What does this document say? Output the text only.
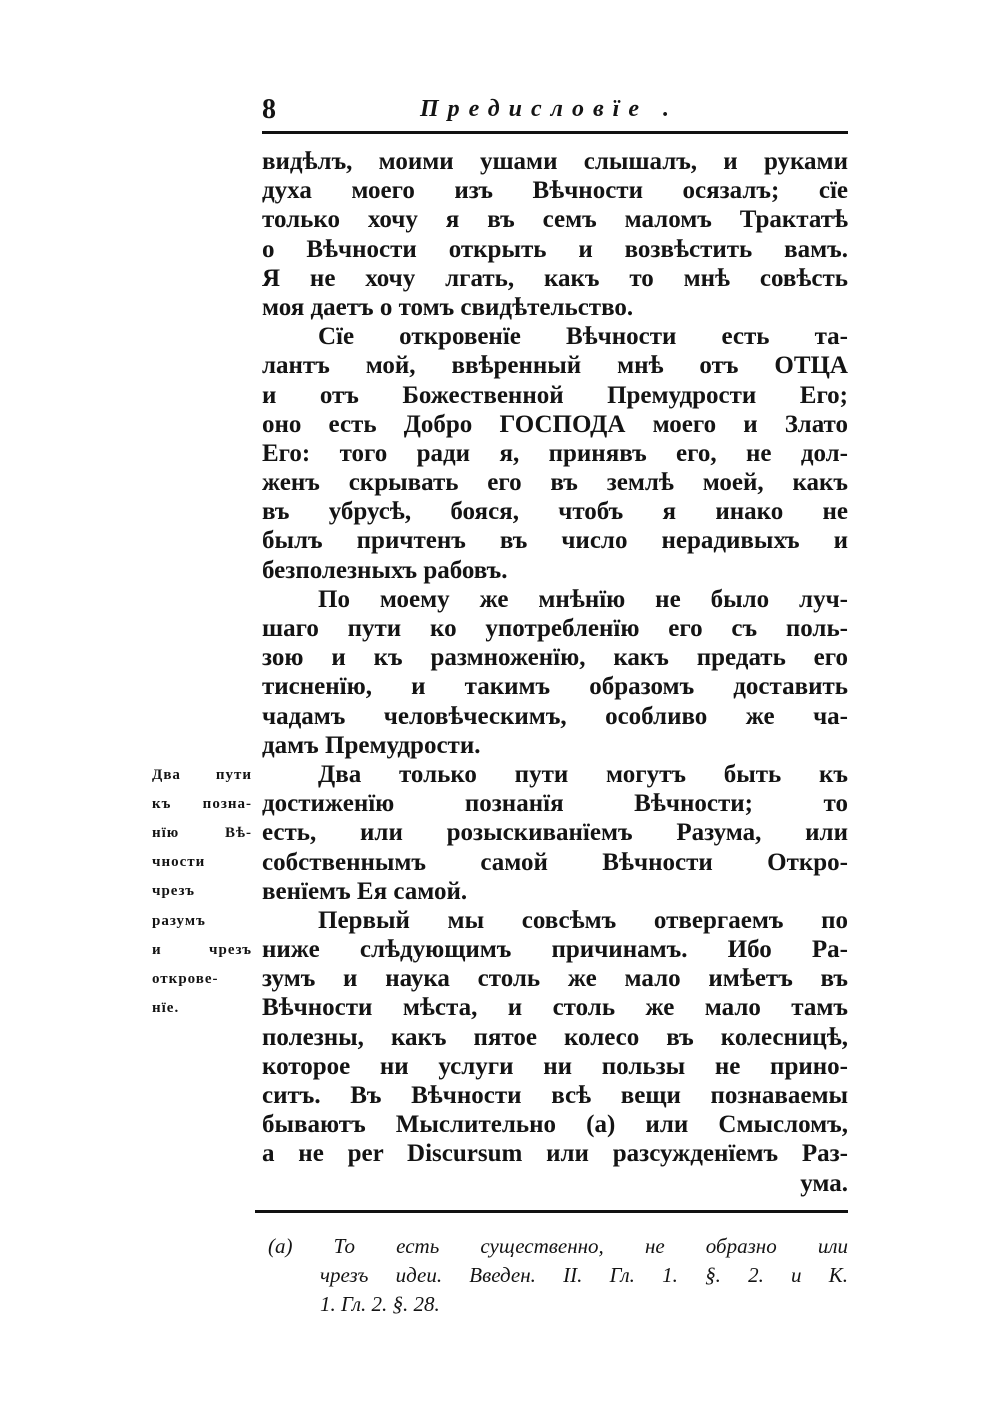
8	Предисловїе .
видѣлъ, моими ушами слышалъ, и руками
духа моего изъ Вѣчности осязалъ; сїе
только хочу я въ семъ маломъ Трактатѣ
о Вѣчности открыть и возвѣстить вамъ.
Я не хочу лгать, какъ то мнѣ совѣсть
моя даетъ о томъ свидѣтельство.
Сїе откровенїе Вѣчности есть та-
лантъ мой, ввѣренный мнѣ отъ ОТЦА
и отъ Божественной Премудрости Его;
оно есть Добро ГОСПОДА моего и Злато
Его: того ради я, принявъ его, не дол-
женъ скрывать его въ землѣ моей, какъ
въ убрусѣ, бояся, чтобъ я инако не
былъ причтенъ въ число нерадивыхъ и
безполезныхъ рабовъ.
По моему же мнѣнїю не было луч-
шаго пути ко употребленїю его съ поль-
зою и къ размноженїю, какъ предать его
тисненїю, и такимъ образомъ доставить
чадамъ человѣческимъ, особливо же ча-
дамъ Премудрости.
Два только пути могутъ быть къ
достиженїю познанїя Вѣчности; то
есть, или розыскиванїемъ Разума, или
собственнымъ самой Вѣчности Откро-
венїемъ Ея самой.
Первый мы совсѣмъ отвергаемъ по
ниже слѣдующимъ причинамъ. Ибо Ра-
зумъ и наука столь же мало имѣетъ въ
Вѣчности мѣста, и столь же мало тамъ
полезны, какъ пятое колесо въ колесницѣ,
которое ни услуги ни пользы не прино-
ситъ. Въ Вѣчности всѣ вещи познаваемы
бываютъ Мыслительно (а) или Смысломъ,
а не per Discursum или разсужденїемъ Раз-
ума.
Два пути
къ позна-
нїю Вѣ-
чности
чрезъ
разумъ
и чрезъ
открове-
нїе.
(а) То есть существенно, не образно или
чрезъ идеи. Введен. II. Гл. 1. §. 2. и К.
1. Гл. 2. §. 28.
